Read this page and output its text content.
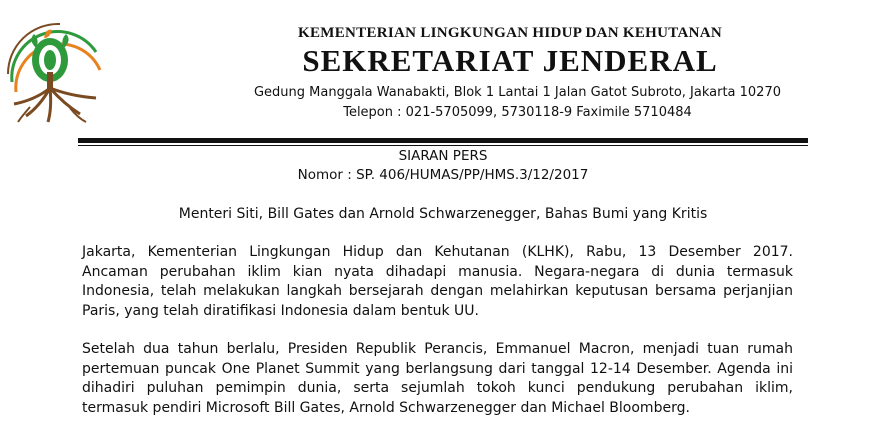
KEMENTERIAN LINGKUNGAN HIDUP DAN KEHUTANAN
SEKRETARIAT JENDERAL
Gedung Manggala Wanabakti, Blok 1 Lantai 1 Jalan Gatot Subroto, Jakarta 10270
Telepon : 021-5705099, 5730118-9 Faximile 5710484
SIARAN PERS
Nomor : SP. 406/HUMAS/PP/HMS.3/12/2017
Menteri Siti, Bill Gates dan Arnold Schwarzenegger, Bahas Bumi yang Kritis
Jakarta, Kementerian Lingkungan Hidup dan Kehutanan (KLHK), Rabu, 13 Desember 2017.
Ancaman perubahan iklim kian nyata dihadapi manusia. Negara-negara di dunia termasuk
Indonesia, telah melakukan langkah bersejarah dengan melahirkan keputusan bersama perjanjian
Paris, yang telah diratifikasi Indonesia dalam bentuk UU.
Setelah dua tahun berlalu, Presiden Republik Perancis, Emmanuel Macron, menjadi tuan rumah
pertemuan puncak One Planet Summit yang berlangsung dari tanggal 12-14 Desember. Agenda ini
dihadiri puluhan pemimpin dunia, serta sejumlah tokoh kunci pendukung perubahan iklim,
termasuk pendiri Microsoft Bill Gates, Arnold Schwarzenegger dan Michael Bloomberg.
